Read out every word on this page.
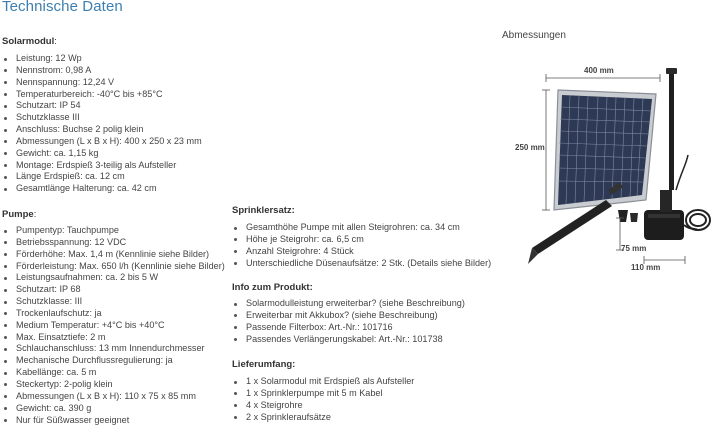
Technische Daten
Solarmodul:
Leistung: 12 Wp
Nennstrom: 0,98 A
Nennspannung: 12,24 V
Temperaturbereich: -40°C bis +85°C
Schutzart: IP 54
Schutzklasse III
Anschluss: Buchse 2 polig klein
Abmessungen (L x B x H): 400 x 250 x 23 mm
Gewicht: ca. 1,15 kg
Montage: Erdspieß 3-teilig als Aufsteller
Länge Erdspieß: ca. 12 cm
Gesamtlänge Halterung: ca. 42 cm
Pumpe:
Pumpentyp: Tauchpumpe
Betriebsspannung: 12 VDC
Förderhöhe: Max. 1,4 m (Kennlinie siehe Bilder)
Förderleistung: Max. 650 l/h (Kennlinie siehe Bilder)
Leistungsaufnahmen: ca. 2 bis 5 W
Schutzart: IP 68
Schutzklasse: III
Trockenlaufschutz: ja
Medium Temperatur: +4°C bis +40°C
Max. Einsatztiefe: 2 m
Schlauchanschluss: 13 mm Innendurchmesser
Mechanische Durchflussregulierung: ja
Kabellänge: ca. 5 m
Steckertyp: 2-polig klein
Abmessungen (L x B x H): 110 x 75 x 85 mm
Gewicht: ca. 390 g
Nur für Süßwasser geeignet
Sprinklersatz:
Gesamthöhe Pumpe mit allen Steigrohren: ca. 34 cm
Höhe je Steigrohr: ca. 6,5 cm
Anzahl Steigrohre: 4 Stück
Unterschiedliche Düsenaufsätze: 2 Stk. (Details siehe Bilder)
Info zum Produkt:
Solarmodulleistung erweiterbar? (siehe Beschreibung)
Erweiterbar mit Akkubox? (siehe Beschreibung)
Passende Filterbox: Art.-Nr.: 101716
Passendes Verlängerungskabel: Art.-Nr.: 101738
Lieferumfang:
1 x Solarmodul mit Erdspieß als Aufsteller
1 x Sprinklerpumpe mit 5 m Kabel
4 x Steigrohre
2 x Sprinkleraufsätze
Abmessungen
400 mm
250 mm
75 mm
110 mm
